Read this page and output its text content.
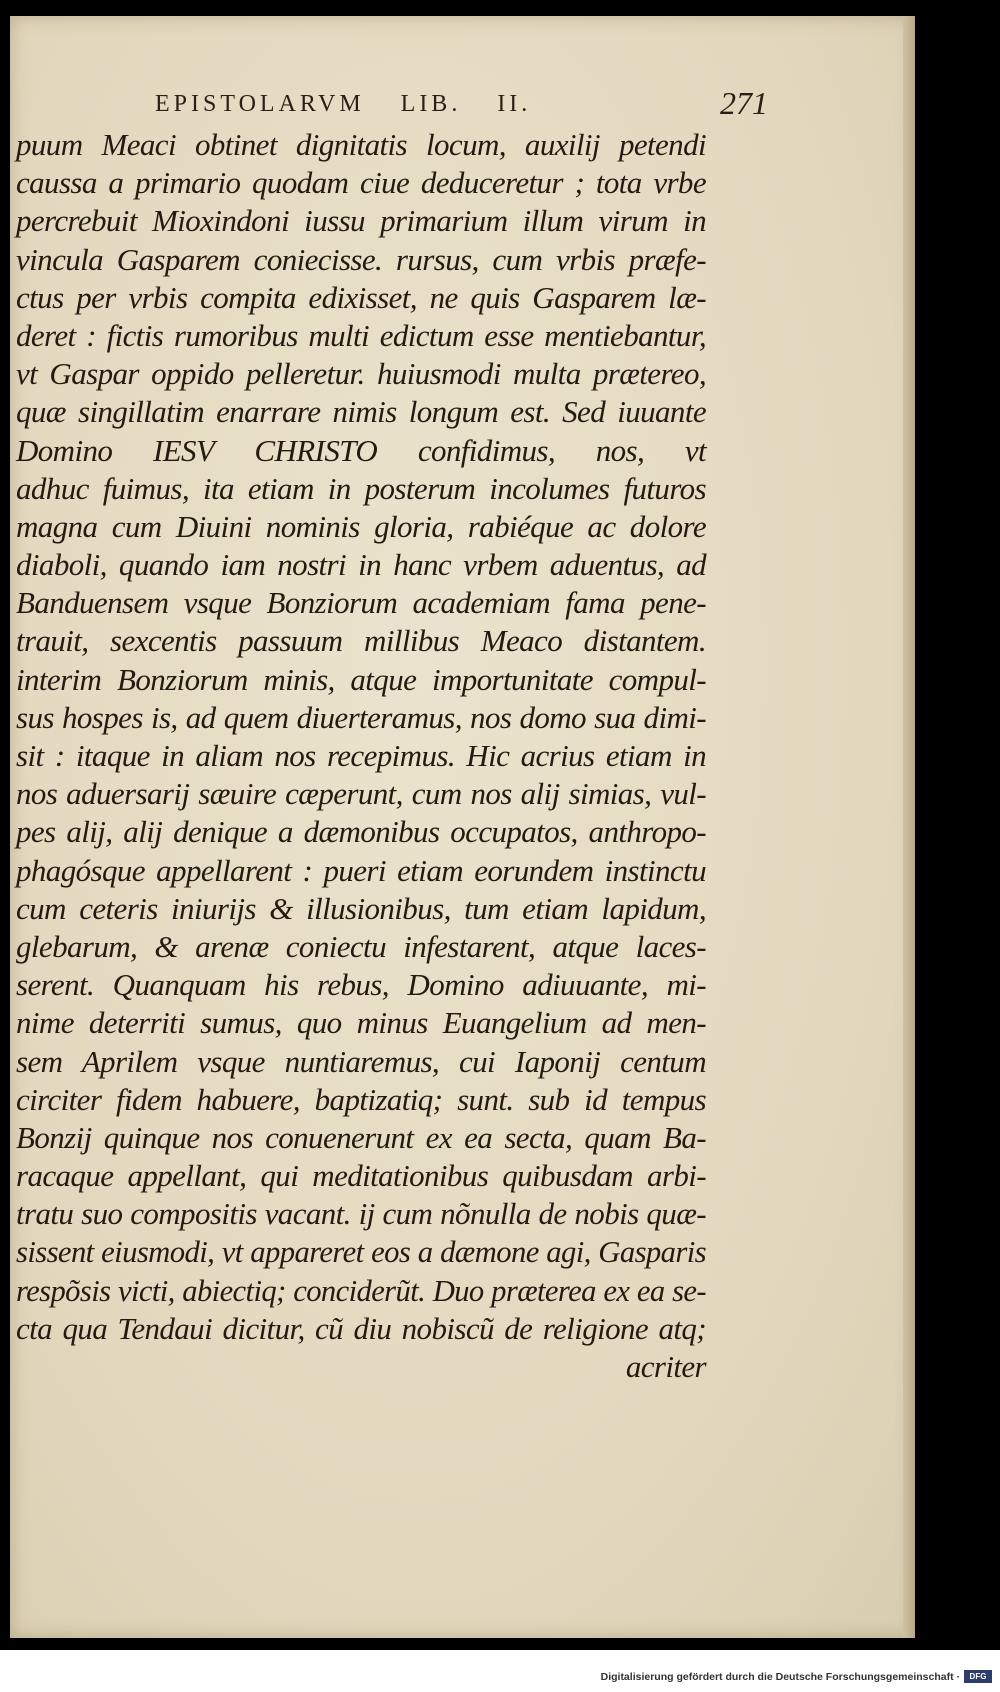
EPISTOLARVM LIB. II.	271
puum Meaci obtinet dignitatis locum, auxilij petendi
caussa a primario quodam ciue deduceretur ; tota vrbe
percrebuit Mioxindoni iussu primarium illum virum in
vincula Gasparem coniecisse. rursus, cum vrbis præfe-
ctus per vrbis compita edixisset, ne quis Gasparem læ-
deret : fictis rumoribus multi edictum esse mentiebantur,
vt Gaspar oppido pelleretur. huiusmodi multa prætereo,
quæ singillatim enarrare nimis longum est. Sed iuuante
Domino IESV CHRISTO confidimus, nos, vt
adhuc fuimus, ita etiam in posterum incolumes futuros
magna cum Diuini nominis gloria, rabiéque ac dolore
diaboli, quando iam nostri in hanc vrbem aduentus, ad
Banduensem vsque Bonziorum academiam fama pene-
trauit, sexcentis passuum millibus Meaco distantem.
interim Bonziorum minis, atque importunitate compul-
sus hospes is, ad quem diuerteramus, nos domo sua dimi-
sit : itaque in aliam nos recepimus. Hic acrius etiam in
nos aduersarij sæuire cæperunt, cum nos alij simias, vul-
pes alij, alij denique a dæmonibus occupatos, anthropo-
phagósque appellarent : pueri etiam eorundem instinctu
cum ceteris iniurijs & illusionibus, tum etiam lapidum,
glebarum, & arenæ coniectu infestarent, atque laces-
serent. Quanquam his rebus, Domino adiuuante, mi-
nime deterriti sumus, quo minus Euangelium ad men-
sem Aprilem vsque nuntiaremus, cui Iaponij centum
circiter fidem habuere, baptizatiq; sunt. sub id tempus
Bonzij quinque nos conuenerunt ex ea secta, quam Ba-
racaque appellant, qui meditationibus quibusdam arbi-
tratu suo compositis vacant. ij cum nõnulla de nobis quæ-
sissent eiusmodi, vt appareret eos a dæmone agi, Gasparis
respõsis victi, abiectiq; conciderũt. Duo præterea ex ea se-
cta qua Tendaui dicitur, cũ diu nobiscũ de religione atq;
acriter
Digitalisierung gefördert durch die Deutsche Forschungsgemeinschaft ·	DFG
